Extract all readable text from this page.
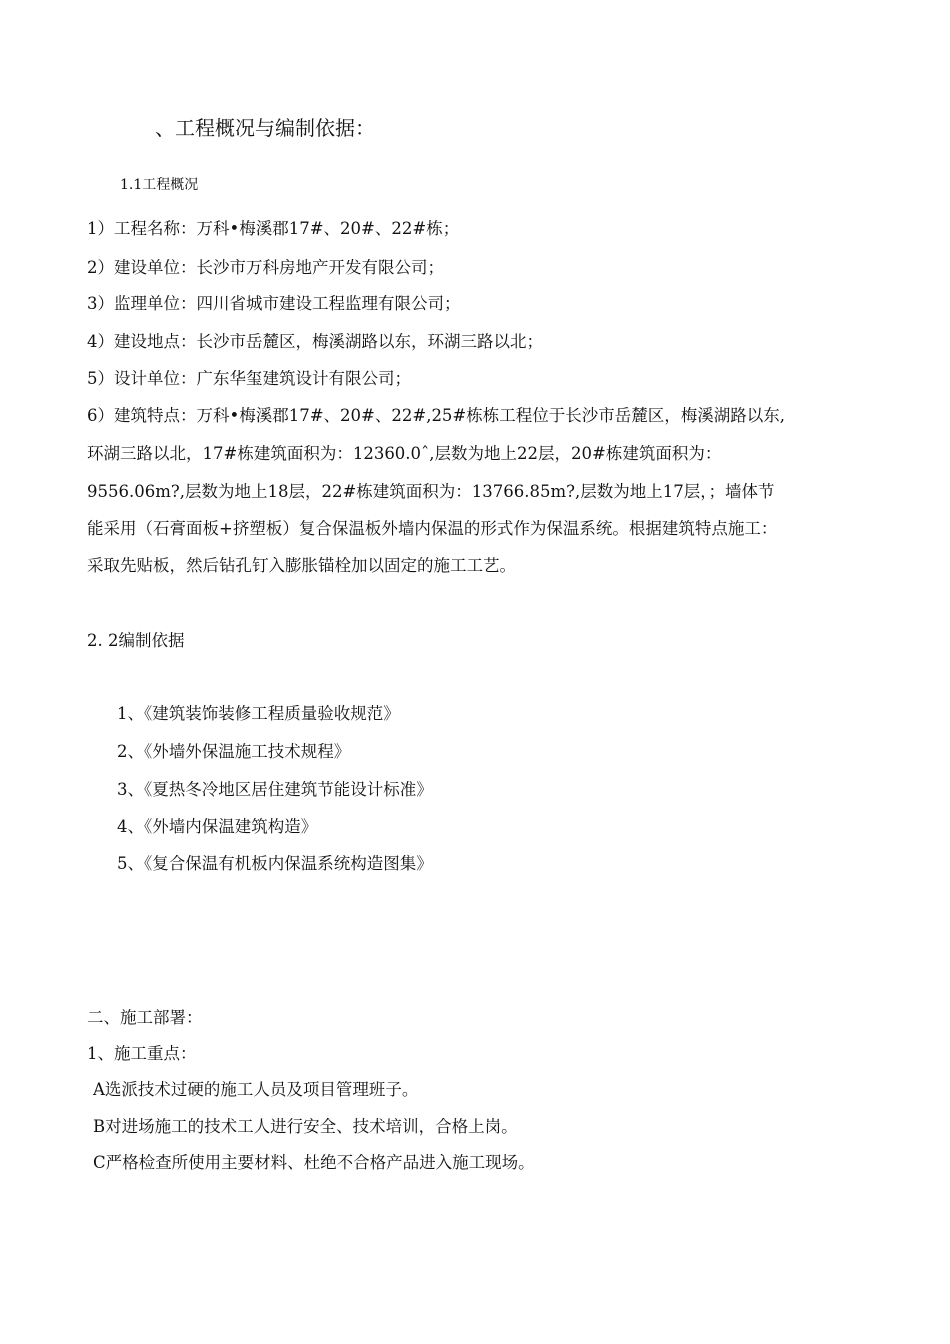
、工程概况与编制依据：
1.1工程概况
1）工程名称：万科•梅溪郡17#、20#、22#栋；
2）建设单位：长沙市万科房地产开发有限公司；
3）监理单位：四川省城市建设工程监理有限公司；
4）建设地点：长沙市岳麓区，梅溪湖路以东，环湖三路以北；
5）设计单位：广东华玺建筑设计有限公司；
6）建筑特点：万科•梅溪郡17#、20#、22#,25#栋栋工程位于长沙市岳麓区，梅溪湖路以东,
环湖三路以北，17#栋建筑面积为：12360.0ˆ,层数为地上22层，20#栋建筑面积为：
9556.06m?,层数为地上18层，22#栋建筑面积为：13766.85m?,层数为地上17层，；墙体节
能采用（石膏面板+挤塑板）复合保温板外墙内保温的形式作为保温系统。根据建筑特点施工：
采取先贴板，然后钻孔钉入膨胀锚栓加以固定的施工工艺。
2. 2编制依据
1、《建筑装饰装修工程质量验收规范》
2、《外墙外保温施工技术规程》
3、《夏热冬冷地区居住建筑节能设计标准》
4、《外墙内保温建筑构造》
5、《复合保温有机板内保温系统构造图集》
二、施工部署：
1、施工重点：
A选派技术过硬的施工人员及项目管理班子。
B对进场施工的技术工人进行安全、技术培训，合格上岗。
C严格检查所使用主要材料、杜绝不合格产品进入施工现场。
